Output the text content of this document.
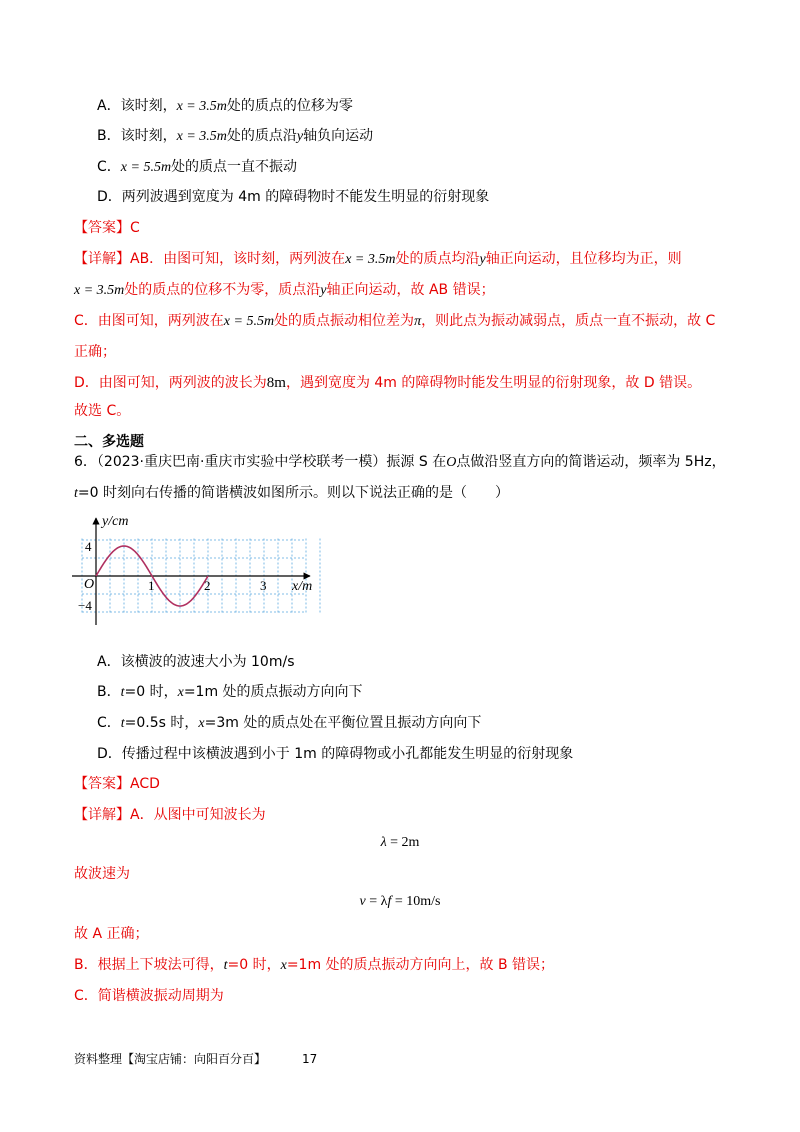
A．该时刻，x = 3.5m处的质点的位移为零
B．该时刻，x = 3.5m处的质点沿y轴负向运动
C．x = 5.5m处的质点一直不振动
D．两列波遇到宽度为 4m 的障碍物时不能发生明显的衍射现象
【答案】C
【详解】AB．由图可知，该时刻，两列波在x = 3.5m处的质点均沿y轴正向运动，且位移均为正，则
x = 3.5m处的质点的位移不为零，质点沿y轴正向运动，故 AB 错误；
C．由图可知，两列波在x = 5.5m处的质点振动相位差为π，则此点为振动减弱点，质点一直不振动，故 C
正确；
D．由图可知，两列波的波长为8m，遇到宽度为 4m 的障碍物时能发生明显的衍射现象，故 D 错误。
故选 C。
二、多选题
6．（2023·重庆巴南·重庆市实验中学校联考一模）振源 S 在O点做沿竖直方向的简谐运动，频率为 5Hz，
t=0 时刻向右传播的简谐横波如图所示。则以下说法正确的是（　　）
y/cm
x/m
O
4
−4
1	2	3
A．该横波的波速大小为 10m/s
B．t=0 时，x=1m 处的质点振动方向向下
C．t=0.5s 时，x=3m 处的质点处在平衡位置且振动方向向下
D．传播过程中该横波遇到小于 1m 的障碍物或小孔都能发生明显的衍射现象
【答案】ACD
【详解】A．从图中可知波长为
λ = 2m
故波速为
v = λf = 10m/s
故 A 正确；
B．根据上下坡法可得，t=0 时，x=1m 处的质点振动方向向上，故 B 错误；
C．简谐横波振动周期为
资料整理【淘宝店铺：向阳百分百】	17
